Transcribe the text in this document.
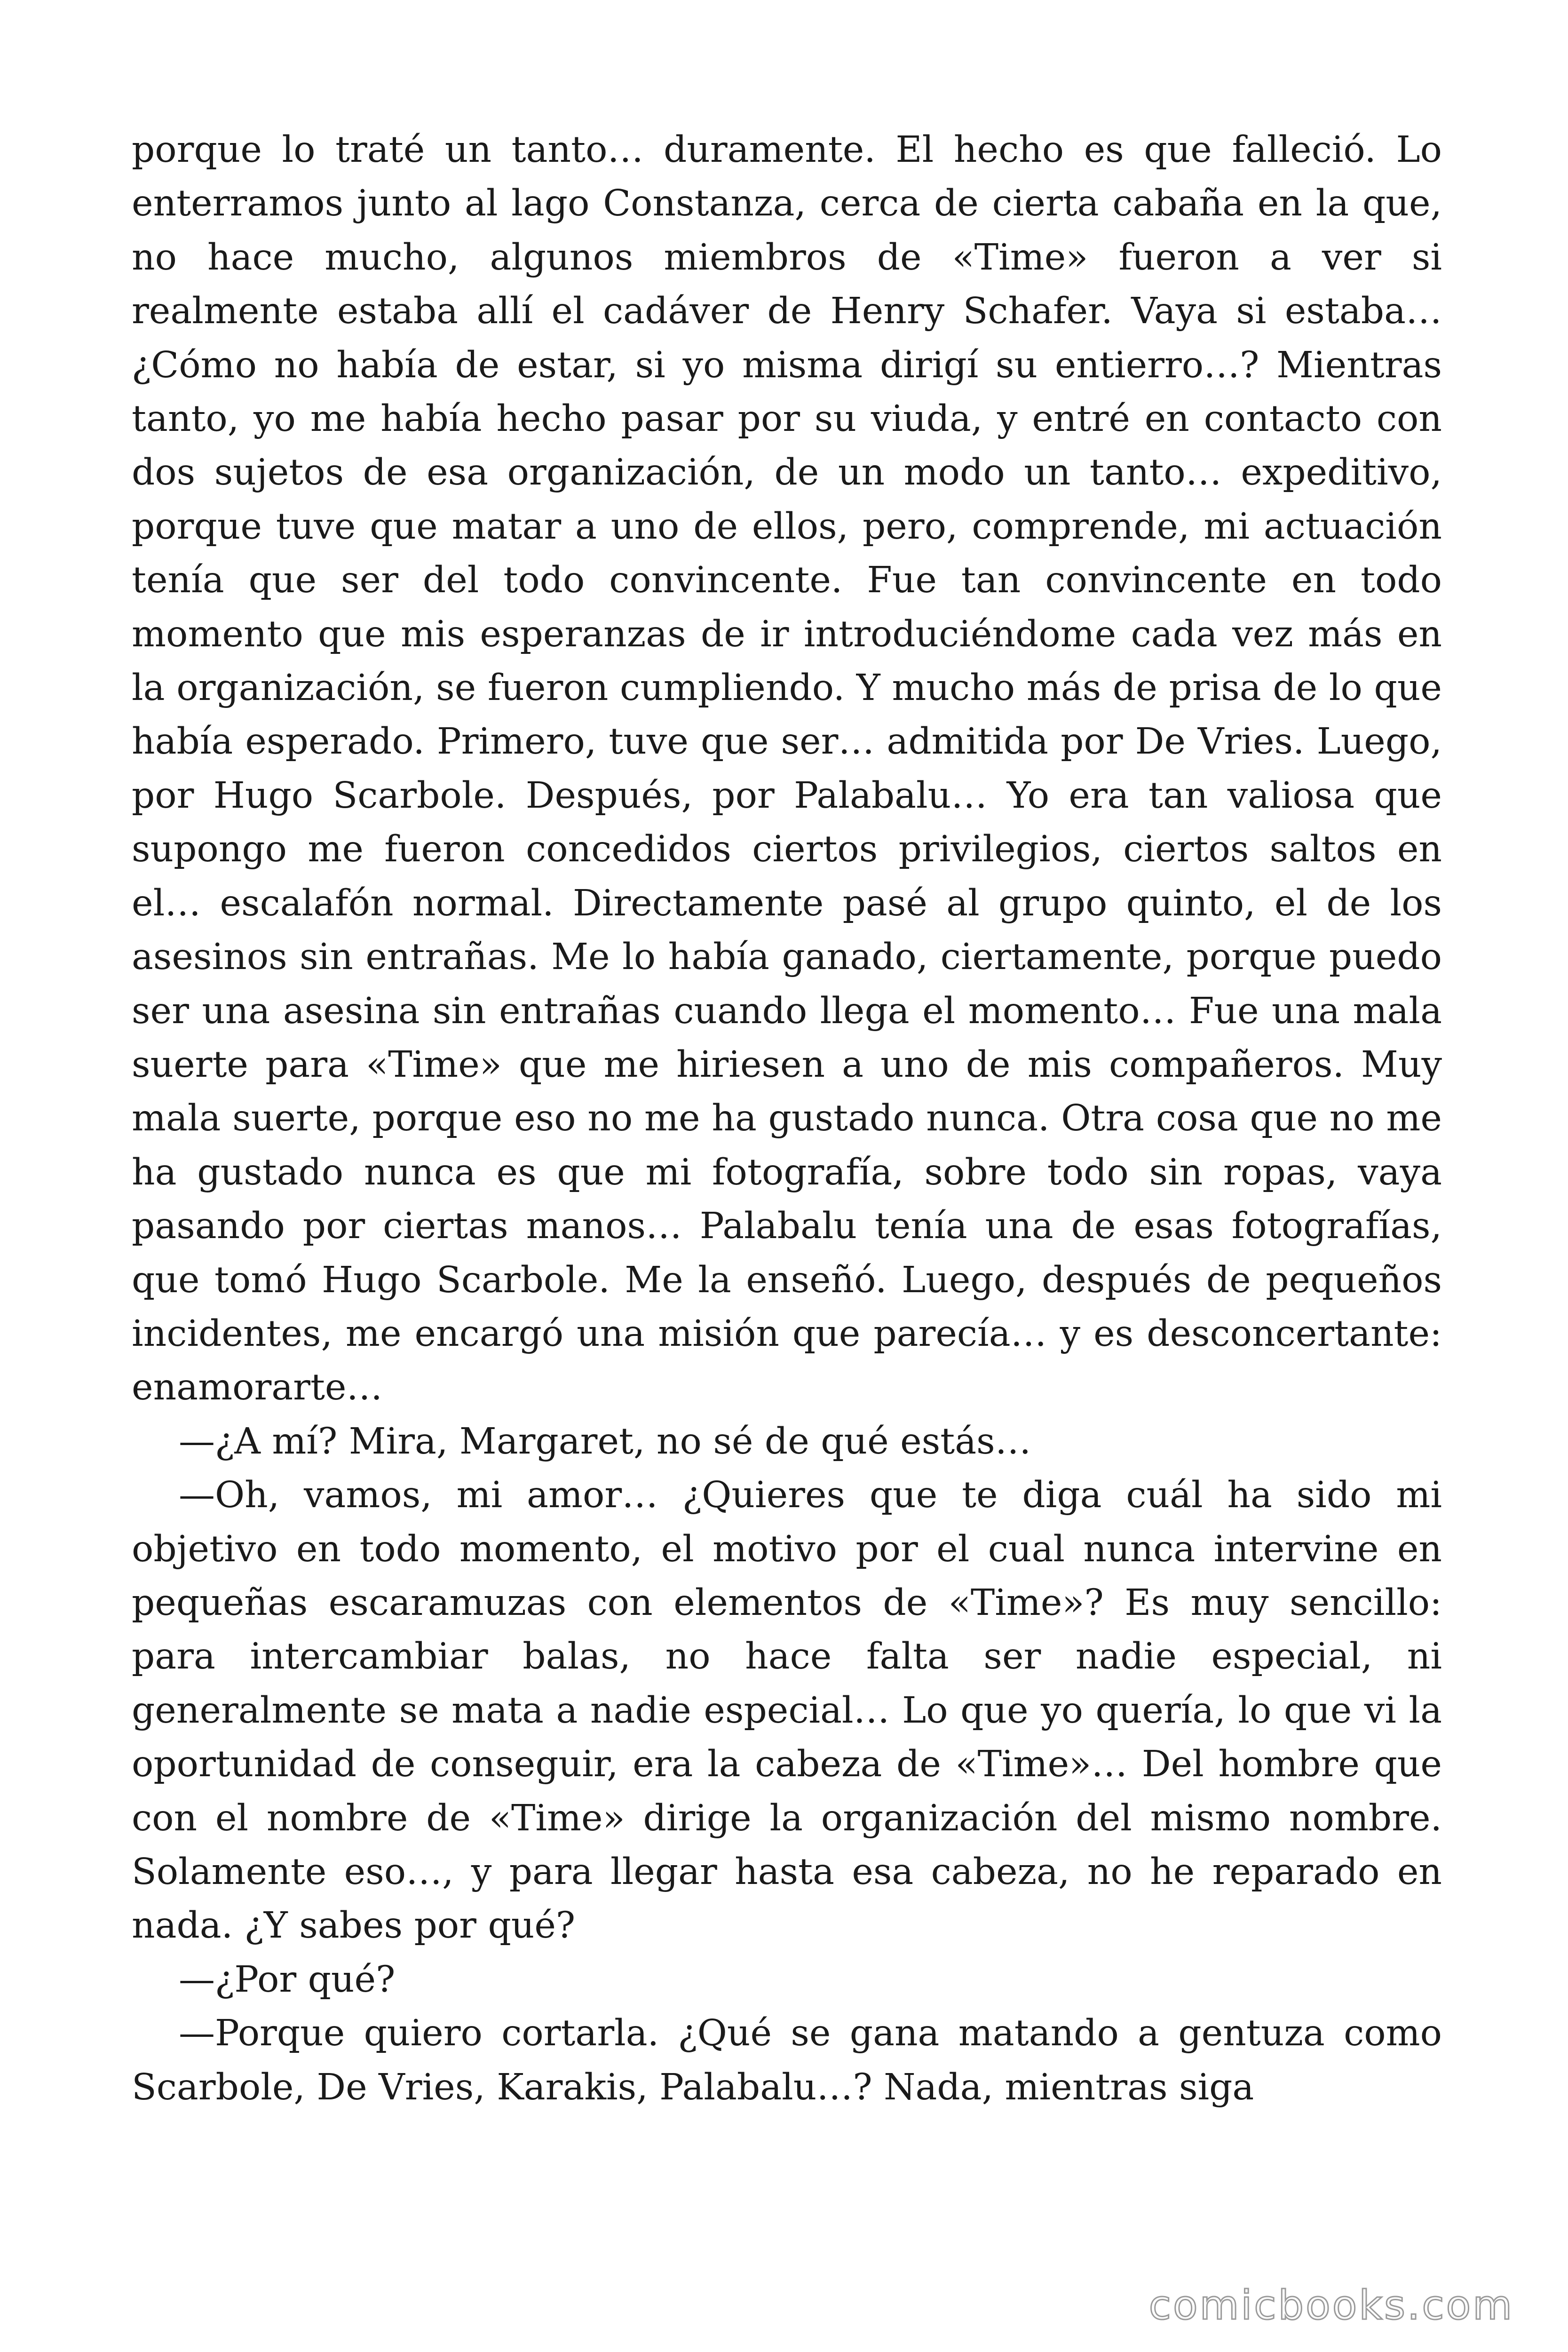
porque lo traté un tanto… duramente. El hecho es que falleció. Lo enterramos junto al lago Constanza, cerca de cierta cabaña en la que, no hace mucho, algunos miembros de «Time» fueron a ver si realmente estaba allí el cadáver de Henry Schafer. Vaya si estaba… ¿Cómo no había de estar, si yo misma dirigí su entierro…? Mientras tanto, yo me había hecho pasar por su viuda, y entré en contacto con dos sujetos de esa organización, de un modo un tanto… expeditivo, porque tuve que matar a uno de ellos, pero, comprende, mi actuación tenía que ser del todo convincente. Fue tan convincente en todo momento que mis esperanzas de ir introduciéndome cada vez más en la organización, se fueron cumpliendo. Y mucho más de prisa de lo que había esperado. Primero, tuve que ser… admitida por De Vries. Luego, por Hugo Scarbole. Después, por Palabalu… Yo era tan valiosa que supongo me fueron concedidos ciertos privilegios, ciertos saltos en el… escalafón normal. Directamente pasé al grupo quinto, el de los asesinos sin entrañas. Me lo había ganado, ciertamente, porque puedo ser una asesina sin entrañas cuando llega el momento… Fue una mala suerte para «Time» que me hiriesen a uno de mis compañeros. Muy mala suerte, porque eso no me ha gustado nunca. Otra cosa que no me ha gustado nunca es que mi fotografía, sobre todo sin ropas, vaya pasando por ciertas manos… Palabalu tenía una de esas fotografías, que tomó Hugo Scarbole. Me la enseñó. Luego, después de pequeños incidentes, me encargó una misión que parecía… y es desconcertante: enamorarte…

—¿A mí? Mira, Margaret, no sé de qué estás…

—Oh, vamos, mi amor… ¿Quieres que te diga cuál ha sido mi objetivo en todo momento, el motivo por el cual nunca intervine en pequeñas escaramuzas con elementos de «Time»? Es muy sencillo: para intercambiar balas, no hace falta ser nadie especial, ni generalmente se mata a nadie especial… Lo que yo quería, lo que vi la oportunidad de conseguir, era la cabeza de «Time»… Del hombre que con el nombre de «Time» dirige la organización del mismo nombre. Solamente eso…, y para llegar hasta esa cabeza, no he reparado en nada. ¿Y sabes por qué?

—¿Por qué?

—Porque quiero cortarla. ¿Qué se gana matando a gentuza como Scarbole, De Vries, Karakis, Palabalu…? Nada, mientras siga

comicbooks.com
